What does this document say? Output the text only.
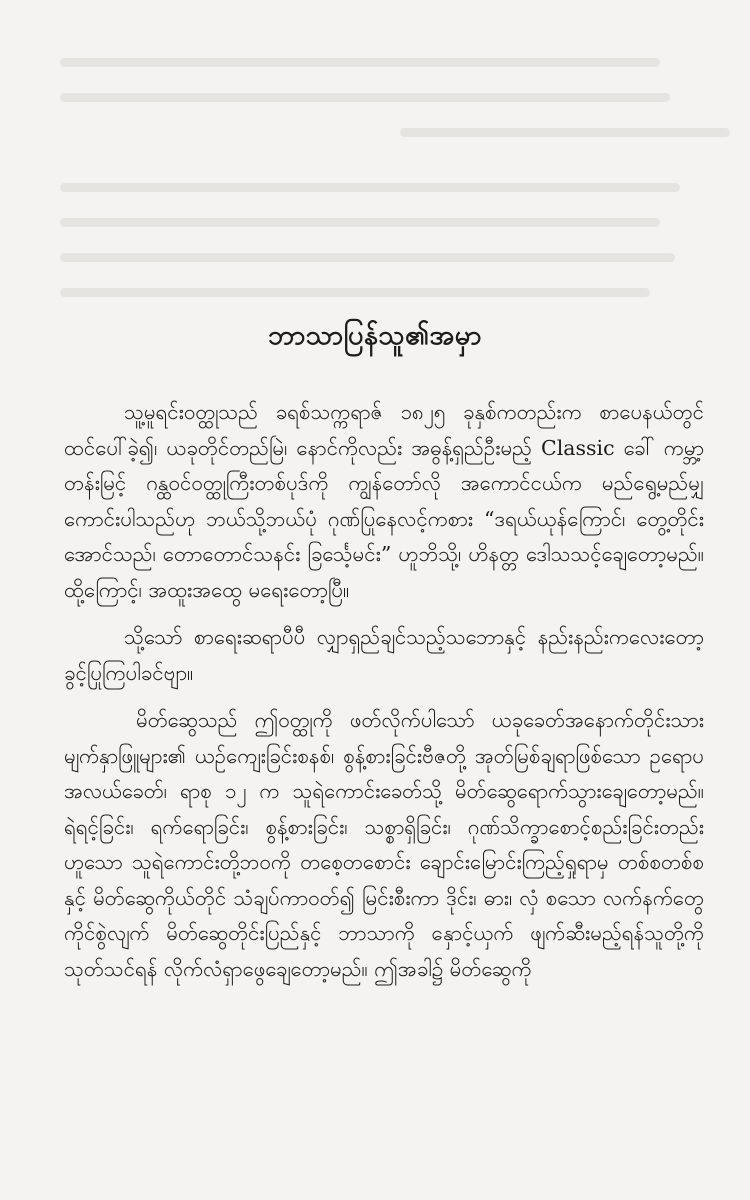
ဘာသာပြန်သူ၏အမှာ

သူ့မူရင်းဝတ္ထုသည် ခရစ်သက္ကရာဇ် ၁၈၂၅ ခုနှစ်ကတည်းက စာပေနယ်တွင် ထင်ပေါ်ခဲ့၍၊ ယခုတိုင်တည်မြဲ၊ နောင်ကိုလည်း အဓွန့်ရှည်ဦးမည့် Classic ခေါ် ကမ္ဘာ့တန်းမြင့် ဂန္ထဝင်ဝတ္ထုကြီးတစ်ပုဒ်ကို ကျွန်တော်လို အကောင်ငယ်က မည်ရွေ့မည်မျှ ကောင်းပါသည်ဟု ဘယ်သို့ဘယ်ပုံ ဂုဏ်ပြုနေလင့်ကစား “ဒရယ်ယုန်ကြောင်၊ တွေ့တိုင်းအောင်သည်၊ တောတောင်သနင်း ခြင်္သေ့မင်း” ဟူဘိသို့၊ ဟိနတ္တ ဒေါသသင့်ချေတော့မည်။ ထို့ကြောင့်၊ အထူးအထွေ မရေးတော့ပြီ။

သို့သော် စာရေးဆရာပီပီ လျှာရှည်ချင်သည့်သဘောနှင့် နည်းနည်းကလေးတော့ ခွင့်ပြုကြပါခင်ဗျာ။

မိတ်ဆွေသည် ဤဝတ္ထုကို ဖတ်လိုက်ပါသော် ယခုခေတ်အနောက်တိုင်းသား မျက်နှာဖြူများ၏ ယဉ်ကျေးခြင်းစနစ်၊ စွန့်စားခြင်းဗီဇတို့ အုတ်မြစ်ချရာဖြစ်သော ဥရောပအလယ်ခေတ်၊ ရာစု ၁၂ က သူရဲကောင်းခေတ်သို့ မိတ်ဆွေရောက်သွားချေတော့မည်။ ရဲရင့်ခြင်း၊ ရက်ရောခြင်း၊ စွန့်စားခြင်း၊ သစ္စာရှိခြင်း၊ ဂုဏ်သိက္ခာစောင့်စည်းခြင်းတည်းဟူသော သူရဲကောင်းတို့ဘဝကို တစေ့တစောင်း ချောင်းမြောင်းကြည့်ရှုရာမှ တစ်စတစ်စနှင့် မိတ်ဆွေကိုယ်တိုင် သံချပ်ကာဝတ်၍ မြင်းစီးကာ ဒိုင်း၊ ဓား၊ လှံ စသော လက်နက်တွေကိုင်စွဲလျက် မိတ်ဆွေတိုင်းပြည်နှင့် ဘာသာကို နှောင့်ယှက် ဖျက်ဆီးမည့်ရန်သူတို့ကို သုတ်သင်ရန် လိုက်လံရှာဖွေချေတော့မည်။ ဤအခါ၌ မိတ်ဆွေကို
